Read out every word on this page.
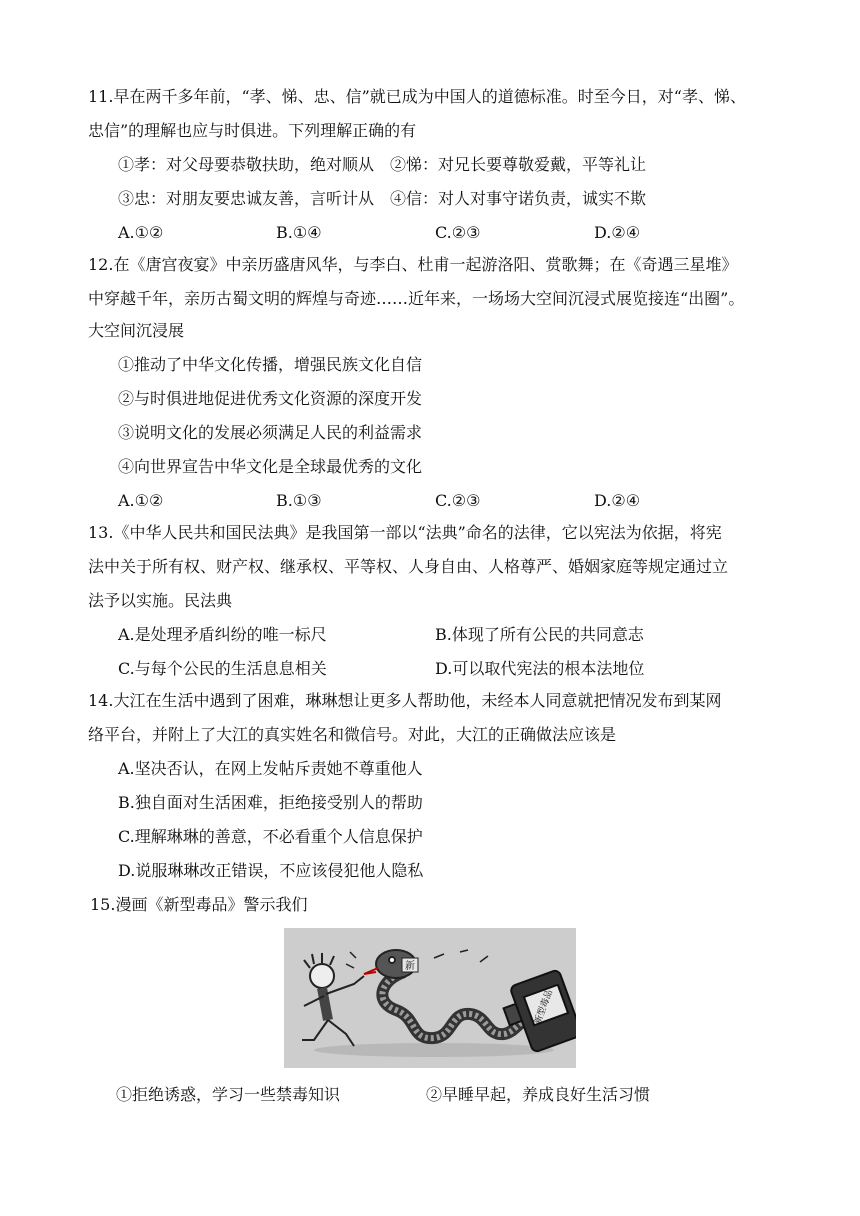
11.早在两千多年前，“孝、悌、忠、信”就已成为中国人的道德标准。时至今日，对“孝、悌、
忠信”的理解也应与时俱进。下列理解正确的有
①孝：对父母要恭敬扶助，绝对顺从　②悌：对兄长要尊敬爱戴，平等礼让
③忠：对朋友要忠诚友善，言听计从　④信：对人对事守诺负责，诚实不欺
A.①②	B.①④	C.②③	D.②④
12.在《唐宫夜宴》中亲历盛唐风华，与李白、杜甫一起游洛阳、赏歌舞；在《奇遇三星堆》
中穿越千年，亲历古蜀文明的辉煌与奇迹……近年来，一场场大空间沉浸式展览接连“出圈”。
大空间沉浸展
①推动了中华文化传播，增强民族文化自信
②与时俱进地促进优秀文化资源的深度开发
③说明文化的发展必须满足人民的利益需求
④向世界宣告中华文化是全球最优秀的文化
A.①②	B.①③	C.②③	D.②④
13.《中华人民共和国民法典》是我国第一部以“法典”命名的法律，它以宪法为依据，将宪
法中关于所有权、财产权、继承权、平等权、人身自由、人格尊严、婚姻家庭等规定通过立
法予以实施。民法典
A.是处理矛盾纠纷的唯一标尺	B.体现了所有公民的共同意志
C.与每个公民的生活息息相关	D.可以取代宪法的根本法地位
14.大江在生活中遇到了困难，琳琳想让更多人帮助他，未经本人同意就把情况发布到某网
络平台，并附上了大江的真实姓名和微信号。对此，大江的正确做法应该是
A.坚决否认，在网上发帖斥责她不尊重他人
B.独自面对生活困难，拒绝接受别人的帮助
C.理解琳琳的善意，不必看重个人信息保护
D.说服琳琳改正错误，不应该侵犯他人隐私
15.漫画《新型毒品》警示我们
新
新型毒品
①拒绝诱惑，学习一些禁毒知识	②早睡早起，养成良好生活习惯
